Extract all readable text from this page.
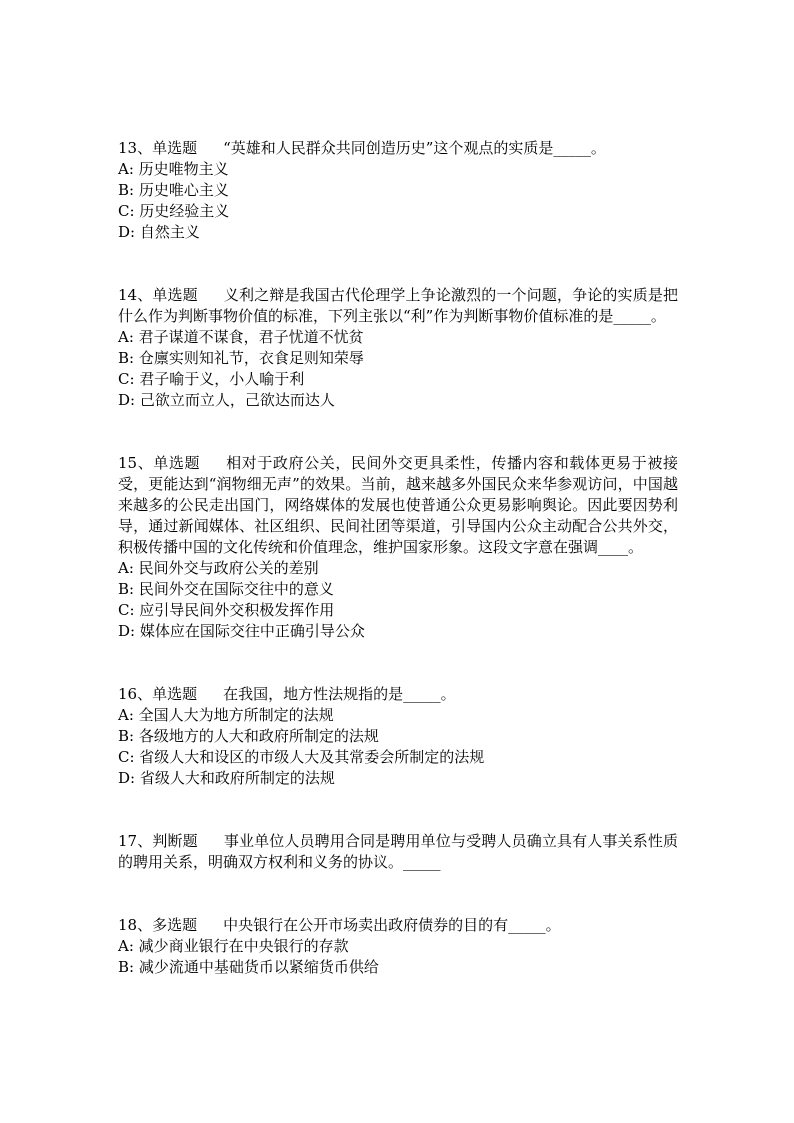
13、单选题 “英雄和人民群众共同创造历史”这个观点的实质是_____。

A: 历史唯物主义

B: 历史唯心主义

C: 历史经验主义

D: 自然主义

14、单选题 义利之辩是我国古代伦理学上争论激烈的一个问题，争论的实质是把什么作为判断事物价值的标准，下列主张以“利”作为判断事物价值标准的是_____。

A: 君子谋道不谋食，君子忧道不忧贫

B: 仓廪实则知礼节，衣食足则知荣辱

C: 君子喻于义，小人喻于利

D: 己欲立而立人，己欲达而达人

15、单选题 相对于政府公关，民间外交更具柔性，传播内容和载体更易于被接受，更能达到“润物细无声”的效果。当前，越来越多外国民众来华参观访问，中国越来越多的公民走出国门，网络媒体的发展也使普通公众更易影响舆论。因此要因势利导，通过新闻媒体、社区组织、民间社团等渠道，引导国内公众主动配合公共外交，积极传播中国的文化传统和价值理念，维护国家形象。这段文字意在强调____。

A: 民间外交与政府公关的差别

B: 民间外交在国际交往中的意义

C: 应引导民间外交积极发挥作用

D: 媒体应在国际交往中正确引导公众

16、单选题 在我国，地方性法规指的是_____。

A: 全国人大为地方所制定的法规

B: 各级地方的人大和政府所制定的法规

C: 省级人大和设区的市级人大及其常委会所制定的法规

D: 省级人大和政府所制定的法规

17、判断题 事业单位人员聘用合同是聘用单位与受聘人员确立具有人事关系性质的聘用关系，明确双方权利和义务的协议。_____

18、多选题 中央银行在公开市场卖出政府债券的目的有_____。

A: 减少商业银行在中央银行的存款

B: 减少流通中基础货币以紧缩货币供给
